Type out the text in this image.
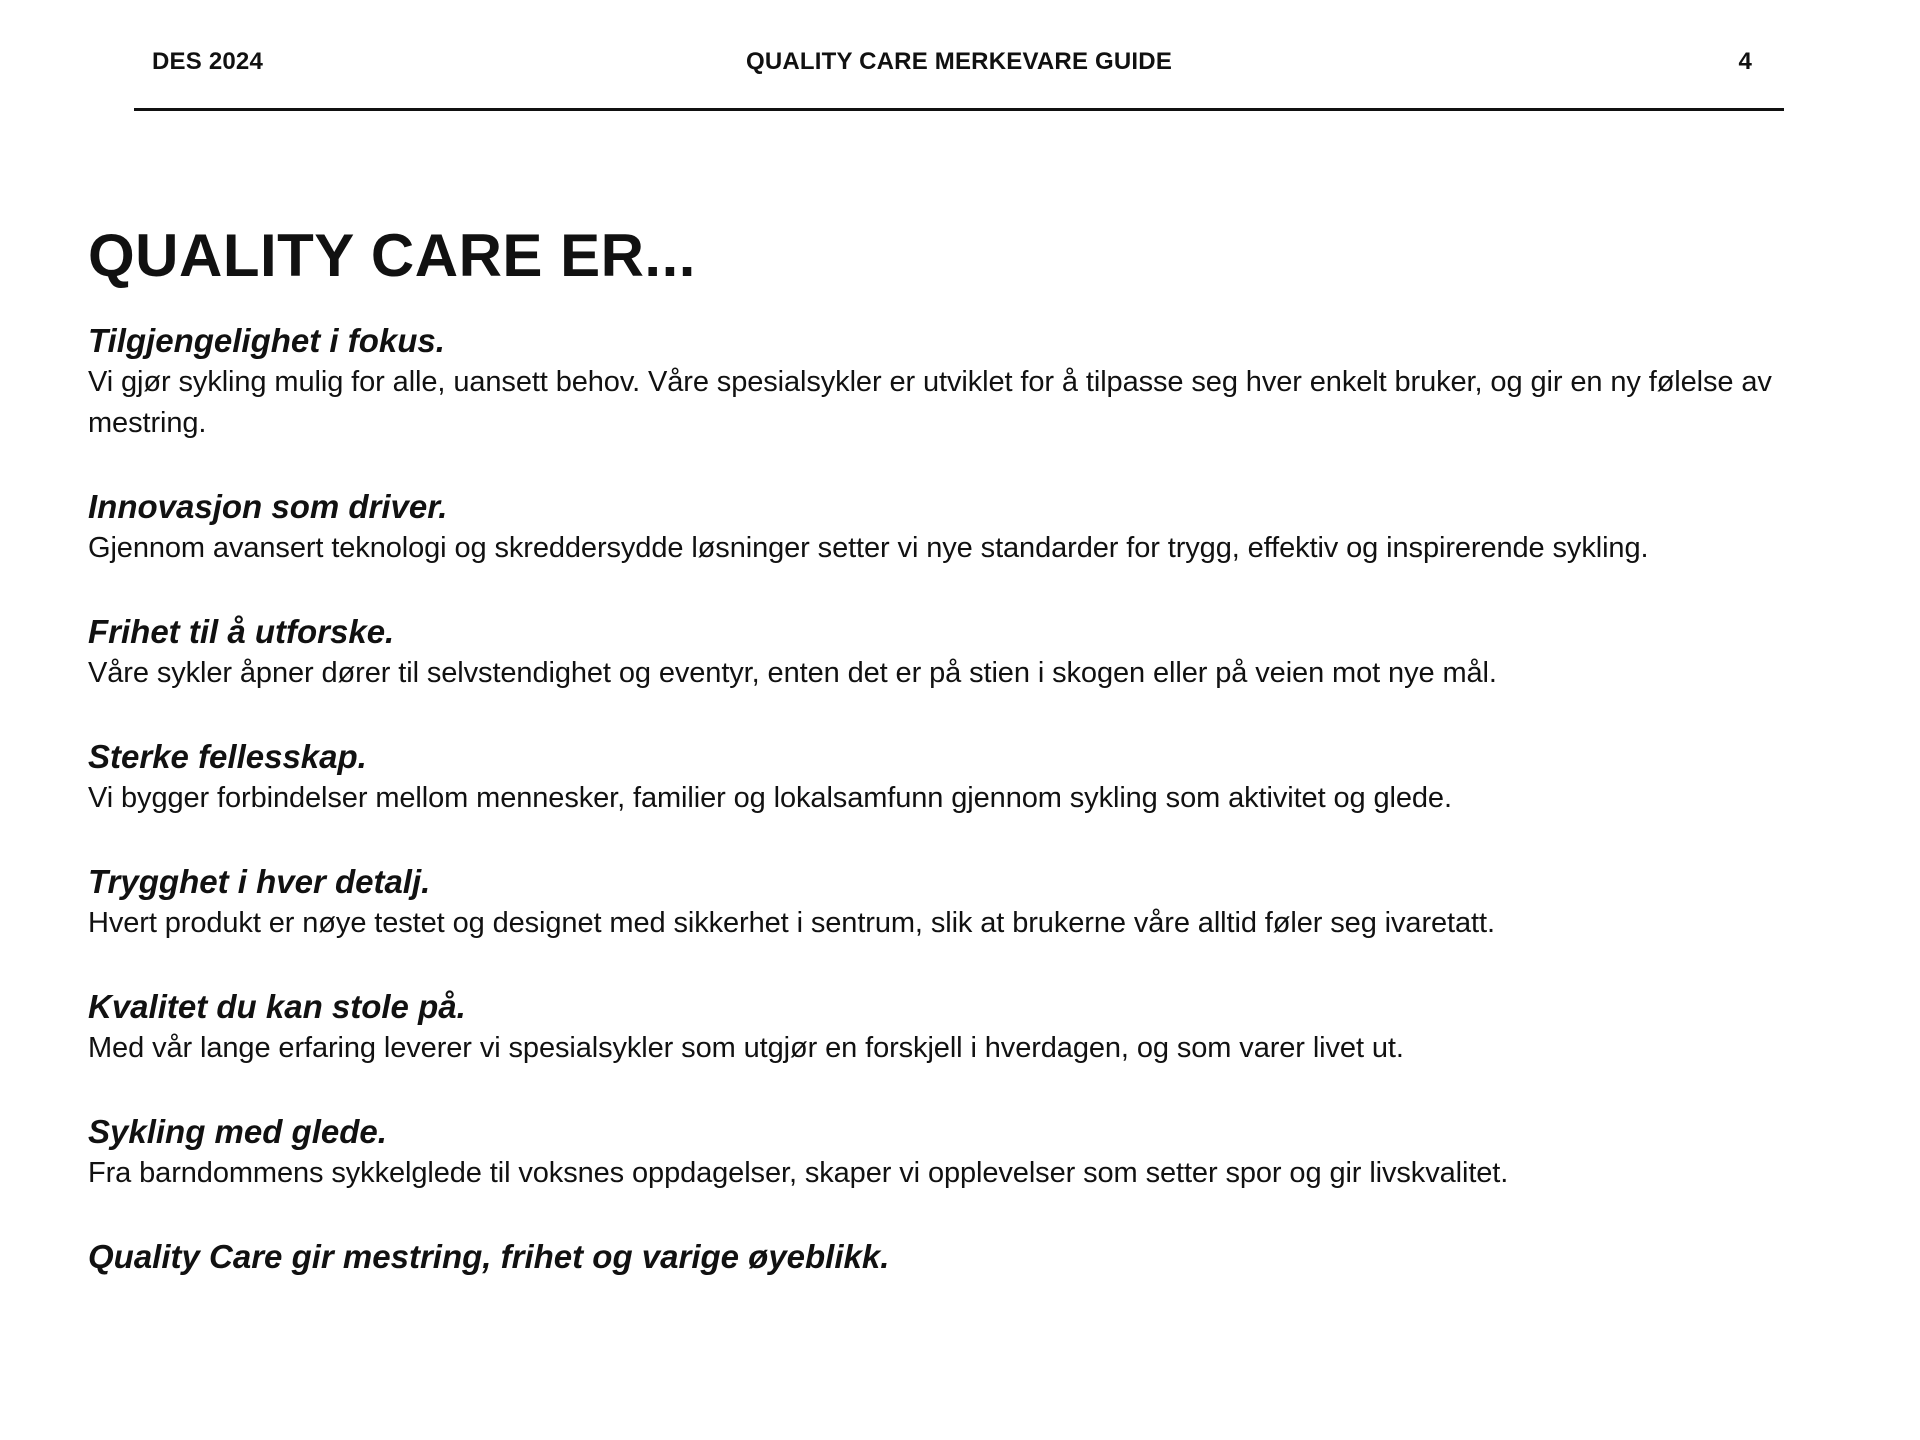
QUALITY CARE MERKEVARE GUIDE
DES 2024	4
QUALITY CARE ER...
Tilgjengelighet i fokus.
Vi gjør sykling mulig for alle, uansett behov. Våre spesialsykler er utviklet for å tilpasse seg hver enkelt bruker, og gir en ny følelse av mestring.
Innovasjon som driver.
Gjennom avansert teknologi og skreddersydde løsninger setter vi nye standarder for trygg, effektiv og inspirerende sykling.
Frihet til å utforske.
Våre sykler åpner dører til selvstendighet og eventyr, enten det er på stien i skogen eller på veien mot nye mål.
Sterke fellesskap.
Vi bygger forbindelser mellom mennesker, familier og lokalsamfunn gjennom sykling som aktivitet og glede.
Trygghet i hver detalj.
Hvert produkt er nøye testet og designet med sikkerhet i sentrum, slik at brukerne våre alltid føler seg ivaretatt.
Kvalitet du kan stole på.
Med vår lange erfaring leverer vi spesialsykler som utgjør en forskjell i hverdagen, og som varer livet ut.
Sykling med glede.
Fra barndommens sykkelglede til voksnes oppdagelser, skaper vi opplevelser som setter spor og gir livskvalitet.
Quality Care gir mestring, frihet og varige øyeblikk.
